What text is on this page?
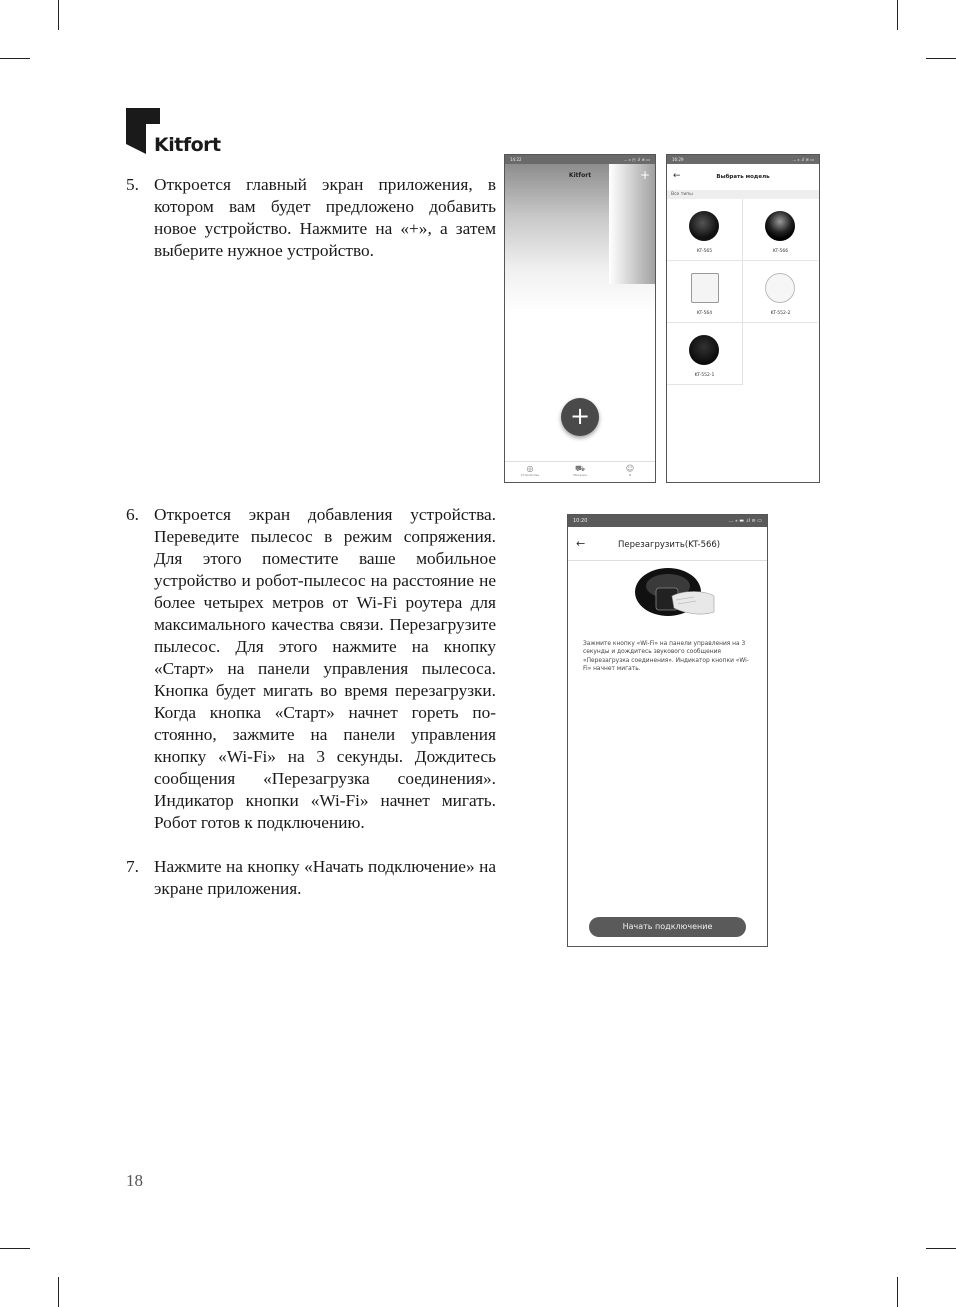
Kitfort
5. Откроется главный экран приложения, в котором вам будет предложено добавить новое устройство. Нажмите на «+», а затем выберите нужное устройство.
6. Откроется экран добавления устройства. Переведите пылесос в режим сопряжения. Для этого поместите ваше мобильное устройство и робот-пылесос на расстояние не более четырех метров от Wi-Fi роутера для максимального качества связи. Перезагрузите пылесос. Для этого нажмите на кнопку «Старт» на панели управления пылесоса. Кнопка будет мигать во время перезагрузки. Когда кнопка «Старт» начнет гореть постоянно, зажмите на панели управления кнопку «Wi-Fi» на 3 секунды. Дождитесь сообщения «Перезагрузка соединения». Индикатор кнопки «Wi-Fi» начнет мигать. Робот готов к подключению.
7. Нажмите на кнопку «Начать подключение» на экране приложения.
14:22	... ⁎ ◷ .ıl ≋ ▭
Kitfort	+
+
◎
Устройства
⛟
Магазин
☺
Я
16:29	... ⁎ .ıl ≋ ▭
←	Выбрать модель
Все типы
KT-565	KT-566
KT-564	KT-552-2
KT-552-1
10:20	... ⁎ ▬ .ıl ≋ ▭
←	Перезагрузить(KT-566)
Зажмите кнопку «Wi-Fi» на панели управления на 3 секунды и дождитесь звукового сообщения «Перезагрузка соединения». Индикатор кнопки «Wi-Fi» начнет мигать.
Начать подключение
18
